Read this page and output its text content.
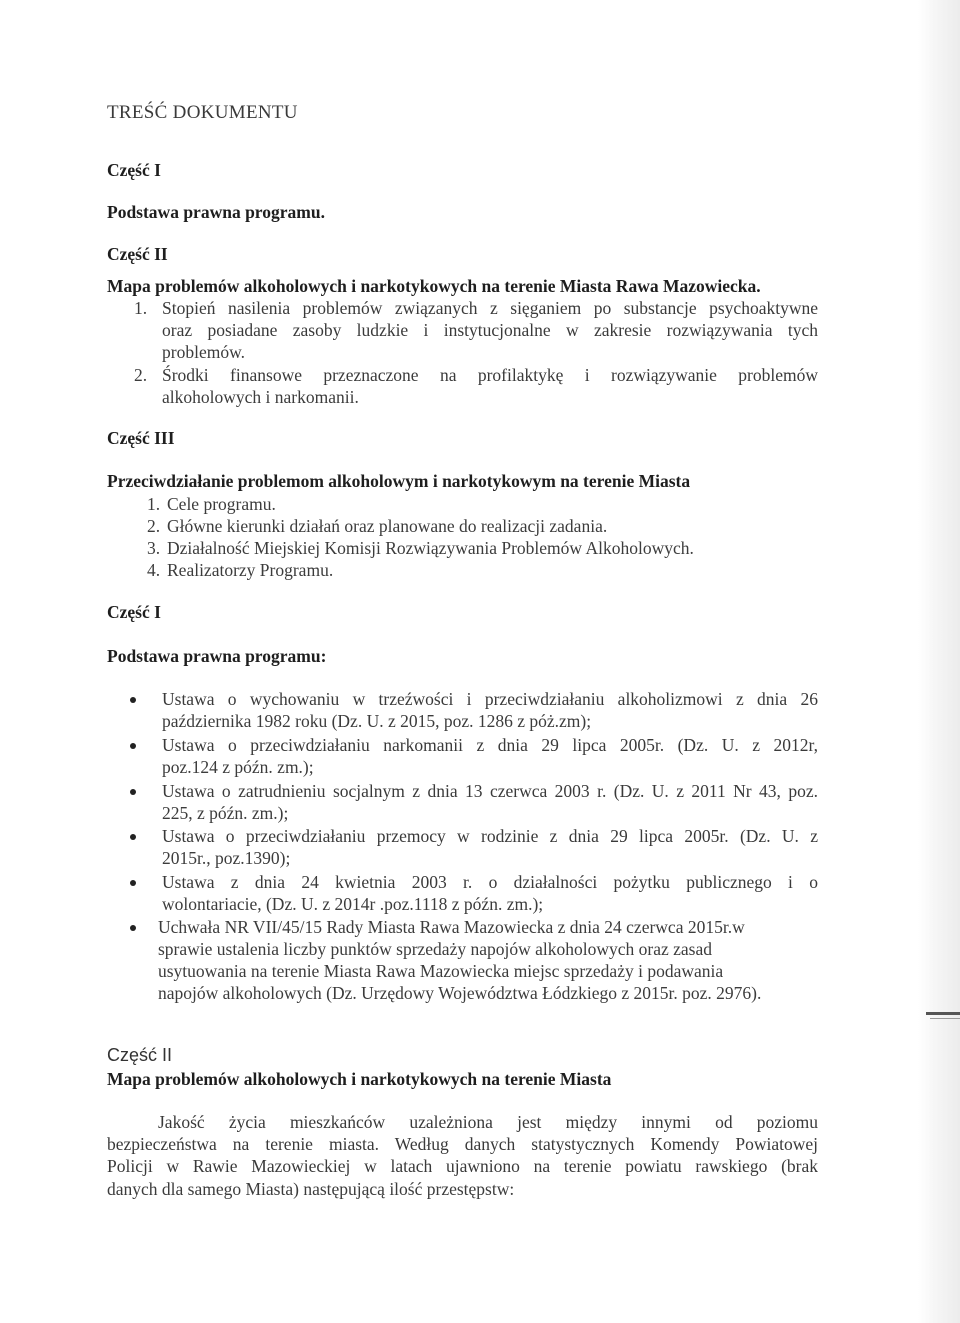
TREŚĆ DOKUMENTU
Część I
Podstawa prawna programu.
Część II
Mapa problemów alkoholowych i narkotykowych na terenie Miasta Rawa Mazowiecka.
1. Stopień nasilenia problemów związanych z sięganiem po substancje psychoaktywne
oraz posiadane zasoby ludzkie i instytucjonalne w zakresie rozwiązywania tych
problemów.
2. Środki finansowe przeznaczone na profilaktykę i rozwiązywanie problemów
alkoholowych i narkomanii.
Część III
Przeciwdziałanie problemom alkoholowym i narkotykowym na terenie Miasta
1. Cele programu.
2. Główne kierunki działań oraz planowane do realizacji zadania.
3. Działalność Miejskiej Komisji Rozwiązywania Problemów Alkoholowych.
4. Realizatorzy Programu.
Część I
Podstawa prawna programu:
Ustawa o wychowaniu w trzeźwości i przeciwdziałaniu alkoholizmowi z dnia 26
października 1982 roku (Dz. U. z 2015, poz. 1286 z póż.zm);
Ustawa o przeciwdziałaniu narkomanii z dnia 29 lipca 2005r. (Dz. U. z 2012r,
poz.124 z późn. zm.);
Ustawa o zatrudnieniu socjalnym z dnia 13 czerwca 2003 r. (Dz. U. z 2011 Nr 43, poz.
225, z późn. zm.);
Ustawa o przeciwdziałaniu przemocy w rodzinie z dnia 29 lipca 2005r. (Dz. U. z
2015r., poz.1390);
Ustawa z dnia 24 kwietnia 2003 r. o działalności pożytku publicznego i o
wolontariacie, (Dz. U. z 2014r .poz.1118 z późn. zm.);
Uchwała NR VII/45/15 Rady Miasta Rawa Mazowiecka z dnia 24 czerwca 2015r.w
sprawie ustalenia liczby punktów sprzedaży napojów alkoholowych oraz zasad
usytuowania na terenie Miasta Rawa Mazowiecka miejsc sprzedaży i podawania
napojów alkoholowych (Dz. Urzędowy Województwa Łódzkiego z 2015r. poz. 2976).
Część II
Mapa problemów alkoholowych i narkotykowych na terenie Miasta
Jakość życia mieszkańców uzależniona jest między innymi od poziomu
bezpieczeństwa na terenie miasta. Według danych statystycznych Komendy Powiatowej
Policji w Rawie Mazowieckiej w latach ujawniono na terenie powiatu rawskiego (brak
danych dla samego Miasta) następującą ilość przestępstw:
